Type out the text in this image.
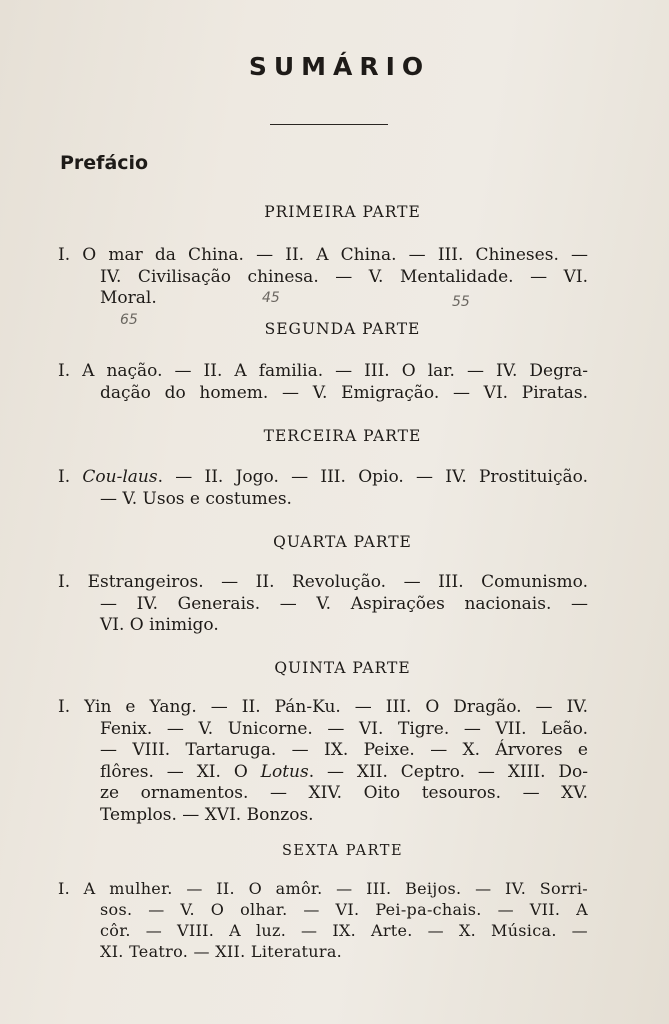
SUMÁRIO
Prefácio
PRIMEIRA PARTE
I. O mar da China. — II. A China. — III. Chineses. —
IV. Civilisação chinesa. — V. Mentalidade. — VI.
Moral.	45	55
65	SEGUNDA PARTE
I. A nação. — II. A familia. — III. O lar. — IV. Degra-
dação do homem. — V. Emigração. — VI. Piratas.
TERCEIRA PARTE
I. Cou-laus. — II. Jogo. — III. Opio. — IV. Prostituição.
— V. Usos e costumes.
QUARTA PARTE
I. Estrangeiros. — II. Revolução. — III. Comunismo.
— IV. Generais. — V. Aspirações nacionais. —
VI. O inimigo.
QUINTA PARTE
I. Yin e Yang. — II. Pán-Ku. — III. O Dragão. — IV.
Fenix. — V. Unicorne. — VI. Tigre. — VII. Leão.
— VIII. Tartaruga. — IX. Peixe. — X. Árvores e
flôres. — XI. O Lotus. — XII. Ceptro. — XIII. Do-
ze ornamentos. — XIV. Oito tesouros. — XV.
Templos. — XVI. Bonzos.
SEXTA PARTE
I. A mulher. — II. O amôr. — III. Beijos. — IV. Sorri-
sos. — V. O olhar. — VI. Pei-pa-chais. — VII. A
côr. — VIII. A luz. — IX. Arte. — X. Música. —
XI. Teatro. — XII. Literatura.
